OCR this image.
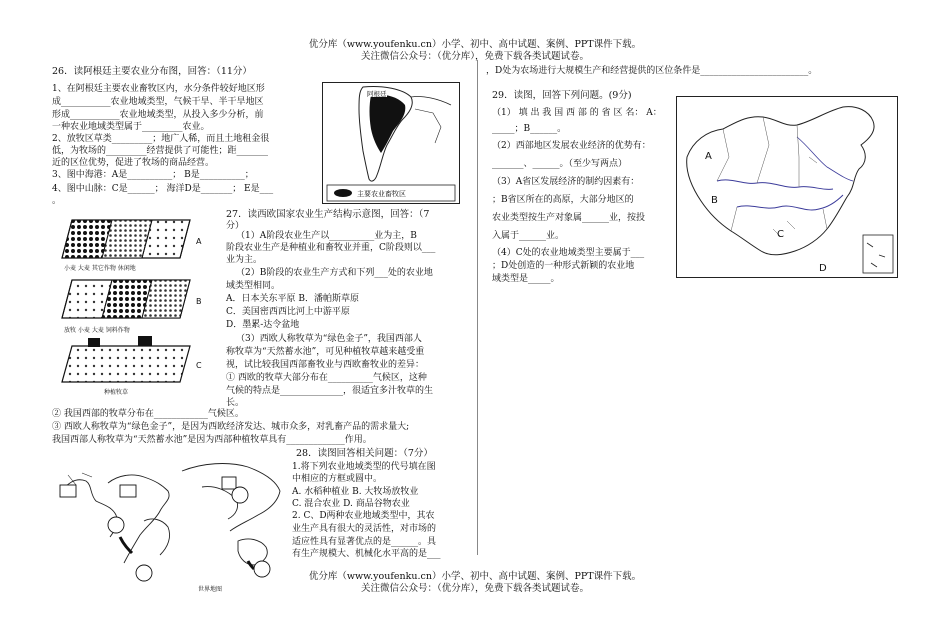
优分库（www.youfenku.cn）小学、初中、高中试题、案例、PPT课件下载。
关注微信公众号：（优分库），免费下载各类试题试卷。
26．读阿根廷主要农业分布图，回答：（11分）
1、在阿根廷主要农业畜牧区内，水分条件较好地区形
成___________农业地域类型，气候干旱、半干旱地区
形成___________农业地域类型，从投入多少分析，前
一种农业地域类型属于_________农业。
2、放牧区草类_________；地广人稀，而且土地租金很
低，为牧场的_________经营提供了可能性；距_______
近的区位优势，促进了牧场的商品经营。
3、图中海港：A是__________； B是__________；
4、图中山脉：C是______； 海洋D是_______； E是___
。
主要农业畜牧区
阿根廷
A
小麦 大麦 其它作物 休闲地
B
放牧 小麦 大麦 饲料作物
C
种植牧草
27．读西欧国家农业生产结构示意图，回答：（7
分）
（1）A阶段农业生产以__________业为主，B
阶段农业生产是种植业和畜牧业并重，C阶段则以___
业为主。
（2）B阶段的农业生产方式和下列___处的农业地
域类型相同。
A．日本关东平原 B．潘帕斯草原
C．美国密西西比河上中游平原
D．墨累-达令盆地
（3）西欧人称牧草为“绿色金子”，我国西部人
称牧草为“天然蓄水池”，可见种植牧草越来越受重
视，试比较我国西部畜牧业与西欧畜牧业的差异：
① 西欧的牧草大部分布在__________气候区，这种
气候的特点是______________，很适宜多汁牧草的生
长。
② 我国西部的牧草分布在____________气候区。
③ 西欧人称牧草为“绿色金子”，是因为西欧经济发达、城市众多，对乳畜产品的需求量大;
我国西部人称牧草为“天然蓄水池”是因为西部种植牧草具有_____________作用。
世界地图
28．读图回答相关问题：（7分）
1.将下列农业地域类型的代号填在图
中相应的方框或圆中。
A. 水稻种植业 B. 大牧场放牧业
C. 混合农业 D. 商品谷物农业
2. C、D两种农业地域类型中，其农
业生产具有很大的灵活性，对市场的
适应性具有显著优点的是______。具
有生产规模大、机械化水平高的是___
，D处为农场进行大规模生产和经营提供的区位条件是________________________。
29．读图，回答下列问题。(9分)
（1） 填 出 我 国 西 部 的 省 区 名： A：
_____；B______。
（2）西部地区发展农业经济的优势有：
_______、______。（至少写两点）
（3）A省区发展经济的制约因素有：
；B省区所在的高原，大部分地区的
农业类型按生产对象属______业，按投
入属于______业。
（4）C处的农业地域类型主要属于___
；D处创造的一种形式新颖的农业地
域类型是_____。
A
B
C
D
优分库（www.youfenku.cn）小学、初中、高中试题、案例、PPT课件下载。
关注微信公众号：（优分库），免费下载各类试题试卷。
